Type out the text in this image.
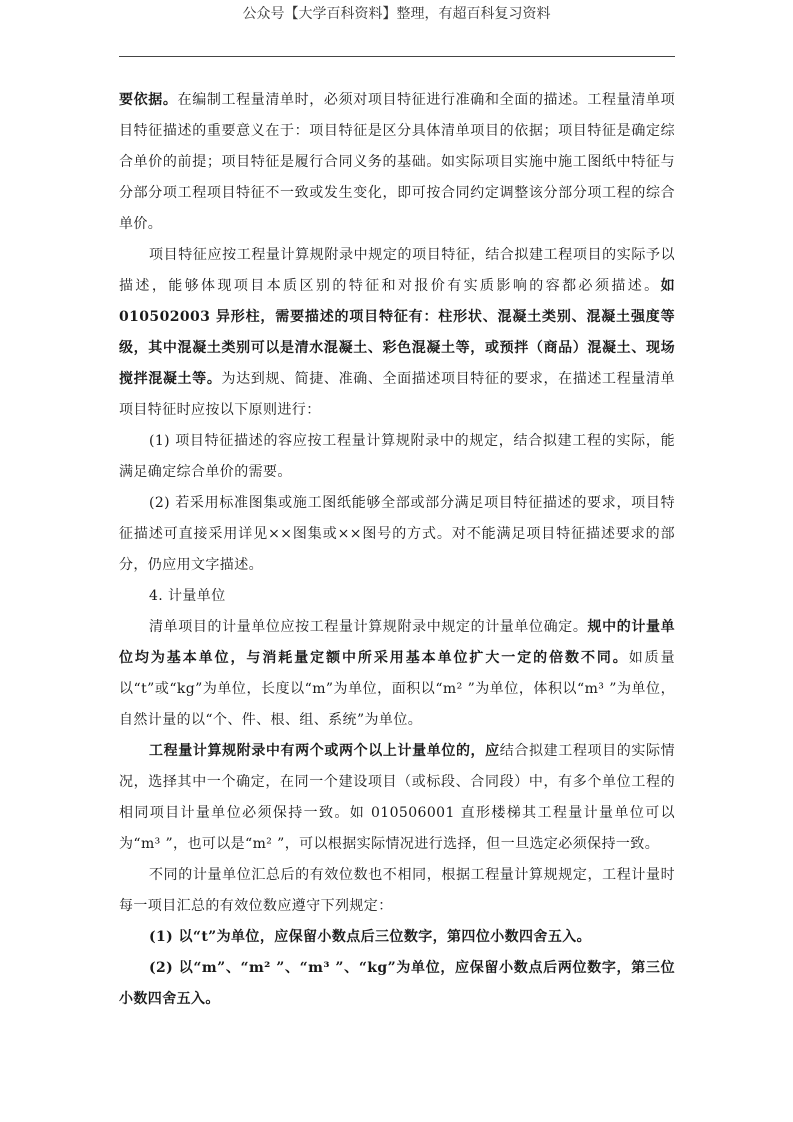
公众号【大学百科资料】整理，有超百科复习资料

要依据。在编制工程量清单时，必须对项目特征进行准确和全面的描述。工程量清单项目特征描述的重要意义在于：项目特征是区分具体清单项目的依据；项目特征是确定综合单价的前提；项目特征是履行合同义务的基础。如实际项目实施中施工图纸中特征与分部分项工程项目特征不一致或发生变化，即可按合同约定调整该分部分项工程的综合单价。

项目特征应按工程量计算规附录中规定的项目特征，结合拟建工程项目的实际予以描述，能够体现项目本质区别的特征和对报价有实质影响的容都必须描述。如 010502003 异形柱，需要描述的项目特征有：柱形状、混凝土类别、混凝土强度等级，其中混凝土类别可以是清水混凝土、彩色混凝土等，或预拌（商品）混凝土、现场搅拌混凝土等。为达到规、简捷、准确、全面描述项目特征的要求，在描述工程量清单项目特征时应按以下原则进行：

(1) 项目特征描述的容应按工程量计算规附录中的规定，结合拟建工程的实际，能满足确定综合单价的需要。

(2) 若采用标准图集或施工图纸能够全部或部分满足项目特征描述的要求，项目特征描述可直接采用详见××图集或××图号的方式。对不能满足项目特征描述要求的部分，仍应用文字描述。

4. 计量单位

清单项目的计量单位应按工程量计算规附录中规定的计量单位确定。规中的计量单位均为基本单位，与消耗量定额中所采用基本单位扩大一定的倍数不同。如质量以“t”或“kg”为单位，长度以“m”为单位，面积以“m² ”为单位，体积以“m³ ”为单位，自然计量的以“个、件、根、组、系统”为单位。

工程量计算规附录中有两个或两个以上计量单位的，应结合拟建工程项目的实际情况，选择其中一个确定，在同一个建设项目（或标段、合同段）中，有多个单位工程的相同项目计量单位必须保持一致。如 010506001 直形楼梯其工程量计量单位可以为“m³ ”，也可以是“m² ”，可以根据实际情况进行选择，但一旦选定必须保持一致。

不同的计量单位汇总后的有效位数也不相同，根据工程量计算规规定，工程计量时每一项目汇总的有效位数应遵守下列规定：

(1) 以“t”为单位，应保留小数点后三位数字，第四位小数四舍五入。

(2) 以“m”、“m² ”、“m³ ”、“kg”为单位，应保留小数点后两位数字，第三位小数四舍五入。
